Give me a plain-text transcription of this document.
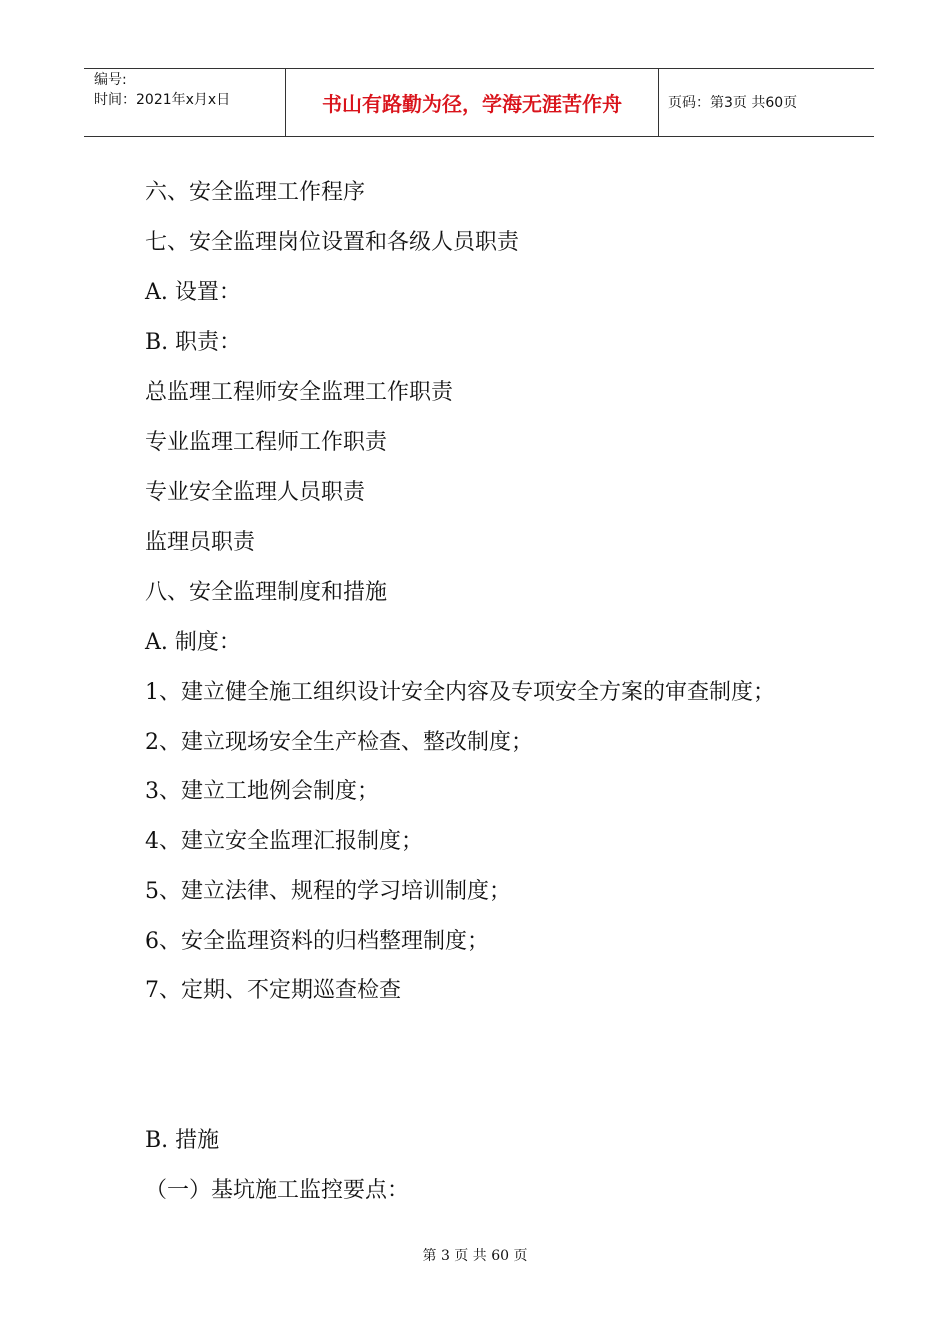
编号:
时间：2021年x月x日	书山有路勤为径，学海无涯苦作舟	页码：第3页 共60页
六、安全监理工作程序
七、安全监理岗位设置和各级人员职责
A. 设置：
B. 职责：
总监理工程师安全监理工作职责
专业监理工程师工作职责
专业安全监理人员职责
监理员职责
八、安全监理制度和措施
A. 制度：
1、建立健全施工组织设计安全内容及专项安全方案的审查制度；
2、建立现场安全生产检查、整改制度；
3、建立工地例会制度；
4、建立安全监理汇报制度；
5、建立法律、规程的学习培训制度；
6、安全监理资料的归档整理制度；
7、定期、不定期巡查检查
B. 措施
（一）基坑施工监控要点：
第 3 页 共 60 页
